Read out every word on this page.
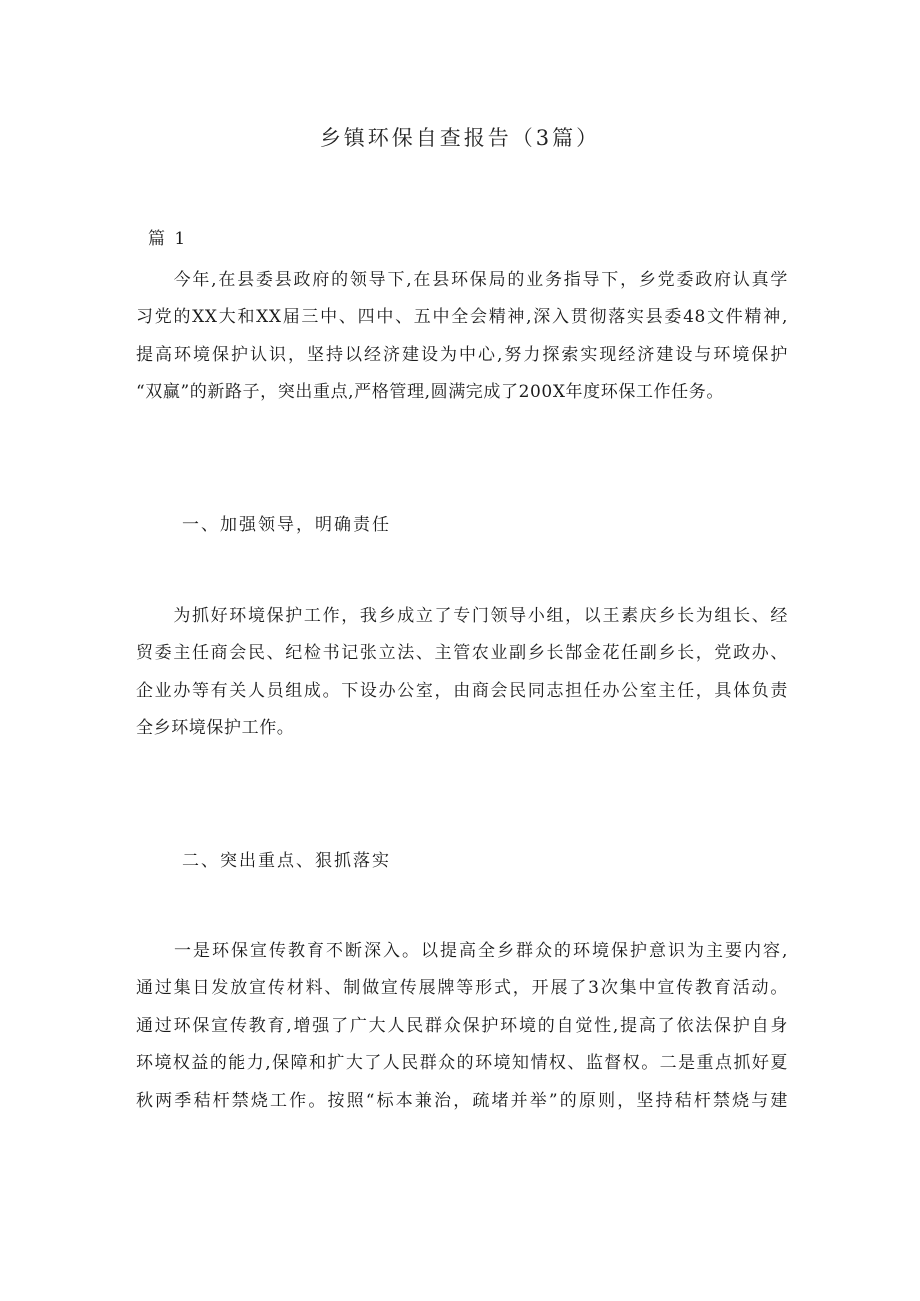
乡镇环保自查报告（3篇）
篇 1
　　今年,在县委县政府的领导下,在县环保局的业务指导下，乡党委政府认真学
习党的XX大和XX届三中、四中、五中全会精神,深入贯彻落实县委48文件精神,
提高环境保护认识，坚持以经济建设为中心,努力探索实现经济建设与环境保护
“双赢”的新路子，突出重点,严格管理,圆满完成了200X年度环保工作任务。
一、加强领导，明确责任
　　为抓好环境保护工作，我乡成立了专门领导小组，以王素庆乡长为组长、经
贸委主任商会民、纪检书记张立法、主管农业副乡长郜金花任副乡长，党政办、
企业办等有关人员组成。下设办公室，由商会民同志担任办公室主任，具体负责
全乡环境保护工作。
二、突出重点、狠抓落实
　　一是环保宣传教育不断深入。以提高全乡群众的环境保护意识为主要内容,
通过集日发放宣传材料、制做宣传展牌等形式，开展了3次集中宣传教育活动。
通过环保宣传教育,增强了广大人民群众保护环境的自觉性,提高了依法保护自身
环境权益的能力,保障和扩大了人民群众的环境知情权、监督权。二是重点抓好夏
秋两季秸杆禁烧工作。按照“标本兼治，疏堵并举”的原则，坚持秸杆禁烧与建
